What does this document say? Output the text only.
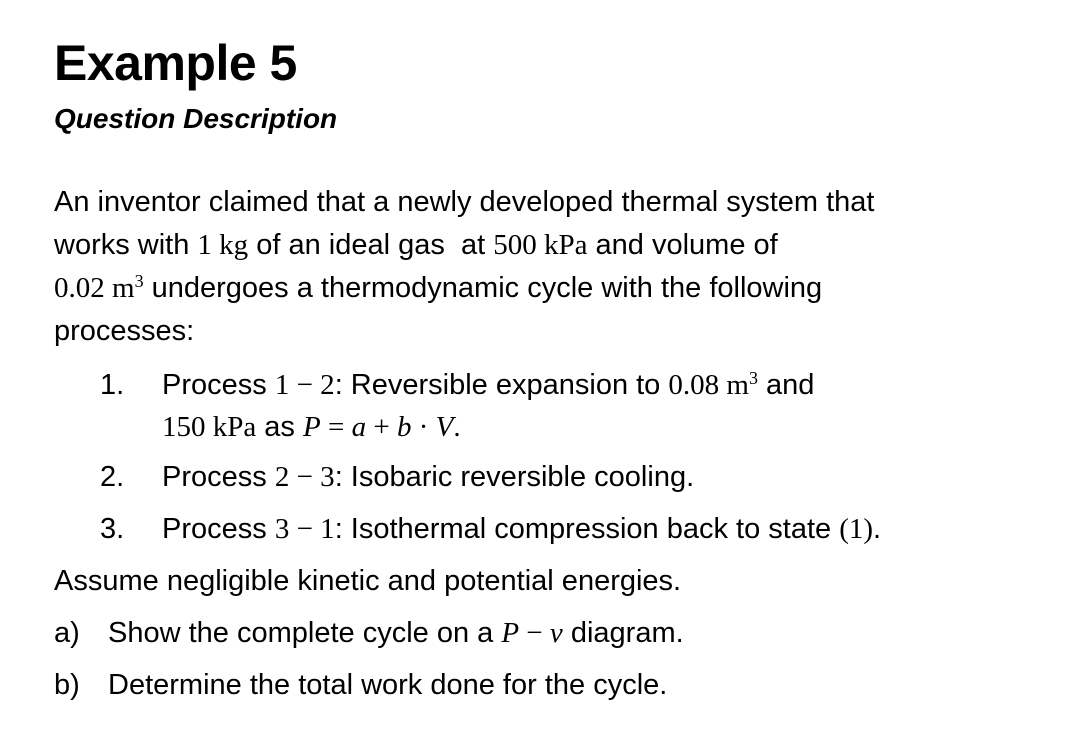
Example 5
Question Description
An inventor claimed that a newly developed thermal system that
works with 1 kg of an ideal gas  at 500 kPa and volume of
0.02 $m^3$ undergoes a thermodynamic cycle with the following
processes:
1. Process 1 − 2: Reversible expansion to 0.08 $m^3$ and
150 kPa as P = a + b · V.
2. Process 2 − 3: Isobaric reversible cooling.
3. Process 3 − 1: Isothermal compression back to state (1).
Assume negligible kinetic and potential energies.
a) Show the complete cycle on a P − v diagram.
b) Determine the total work done for the cycle.
